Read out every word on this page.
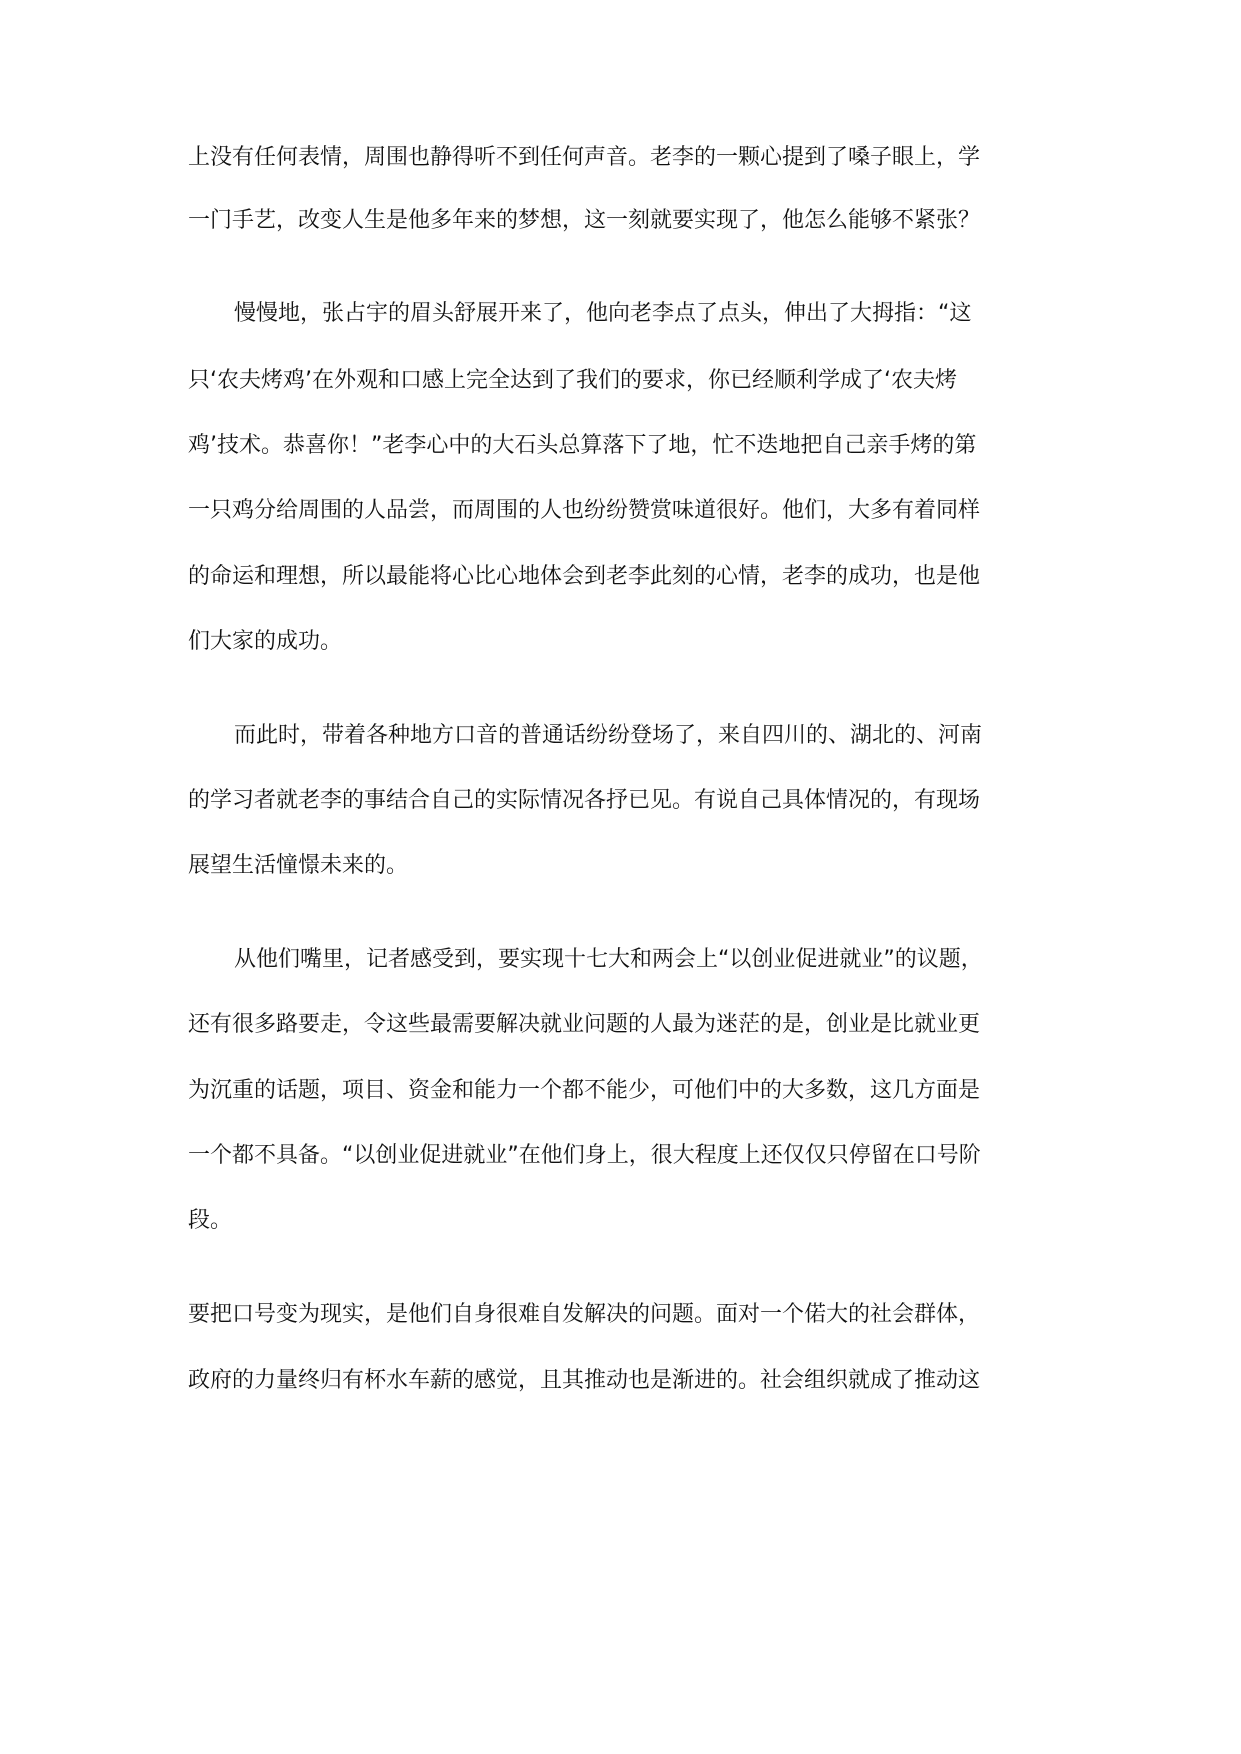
上没有任何表情，周围也静得听不到任何声音。老李的一颗心提到了嗓子眼上，学
一门手艺，改变人生是他多年来的梦想，这一刻就要实现了，他怎么能够不紧张？
慢慢地，张占宇的眉头舒展开来了，他向老李点了点头，伸出了大拇指：“这
只‘农夫烤鸡’在外观和口感上完全达到了我们的要求，你已经顺利学成了‘农夫烤
鸡’技术。恭喜你！”老李心中的大石头总算落下了地，忙不迭地把自己亲手烤的第
一只鸡分给周围的人品尝，而周围的人也纷纷赞赏味道很好。他们，大多有着同样
的命运和理想，所以最能将心比心地体会到老李此刻的心情，老李的成功，也是他
们大家的成功。
而此时，带着各种地方口音的普通话纷纷登场了，来自四川的、湖北的、河南
的学习者就老李的事结合自己的实际情况各抒已见。有说自己具体情况的，有现场
展望生活憧憬未来的。
从他们嘴里，记者感受到，要实现十七大和两会上“以创业促进就业”的议题，
还有很多路要走，令这些最需要解决就业问题的人最为迷茫的是，创业是比就业更
为沉重的话题，项目、资金和能力一个都不能少，可他们中的大多数，这几方面是
一个都不具备。“以创业促进就业”在他们身上，很大程度上还仅仅只停留在口号阶
段。
要把口号变为现实，是他们自身很难自发解决的问题。面对一个偌大的社会群体，
政府的力量终归有杯水车薪的感觉，且其推动也是渐进的。社会组织就成了推动这
